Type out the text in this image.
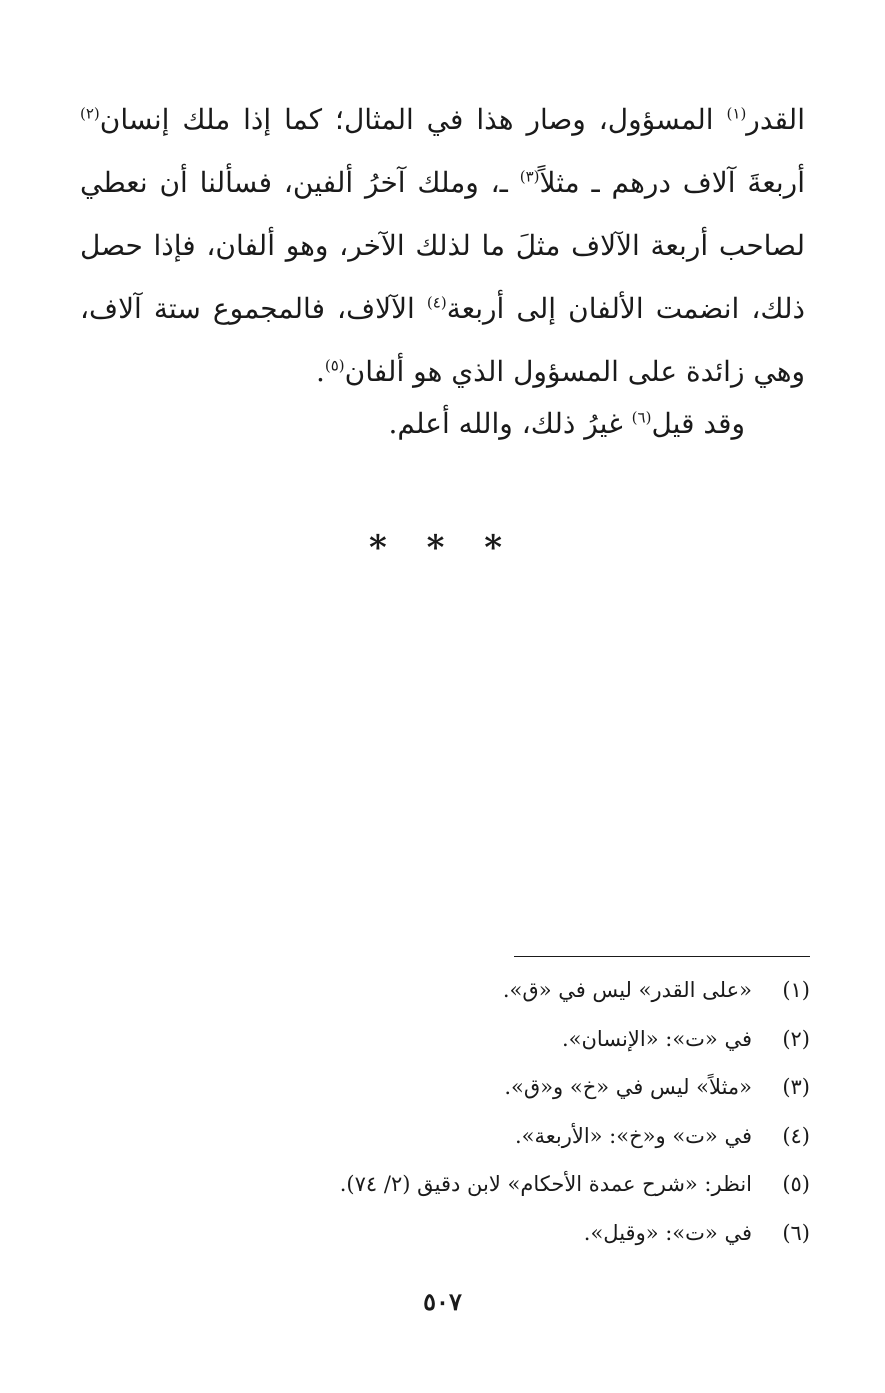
القدر$^{(١)}$ المسؤول، وصار هذا في المثال؛ كما إذا ملك إنسان$^{(٢)}$ أربعةَ آلاف درهم ـ مثلاً$^{(٣)}$ ـ، وملك آخرُ ألفين، فسألنا أن نعطي لصاحب أربعة الآلاف مثلَ ما لذلك الآخر، وهو ألفان، فإذا حصل ذلك، انضمت الألفان إلى أربعة$^{(٤)}$ الآلاف، فالمجموع ستة آلاف، وهي زائدة على المسؤول الذي هو ألفان$^{(٥)}$.

وقد قيل$^{(٦)}$ غيرُ ذلك، والله أعلم.
* * *
(١)
«على القدر» ليس في «ق».
(٢)
في «ت»: «الإنسان».
(٣)
«مثلاً» ليس في «خ» و«ق».
(٤)
في «ت» و«خ»: «الأربعة».
(٥)
انظر: «شرح عمدة الأحكام» لابن دقيق (٢/ ٧٤).
(٦)
في «ت»: «وقيل».
٥٠٧
